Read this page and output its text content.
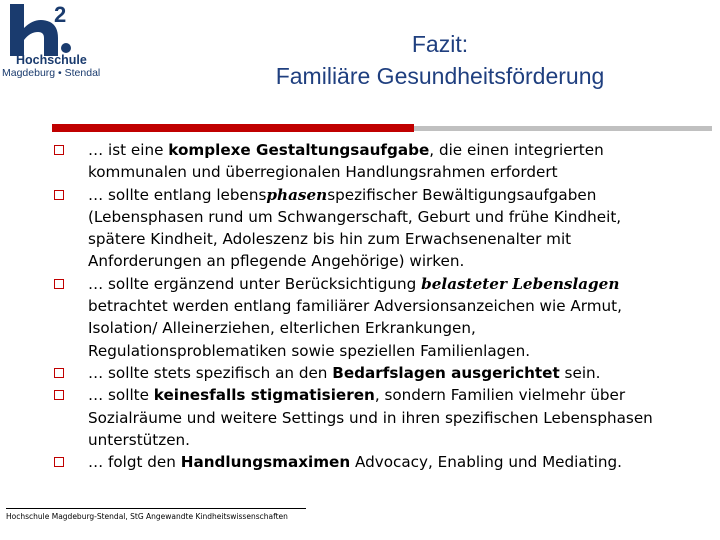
2
Hochschule
Magdeburg • Stendal
Fazit:
Familiäre Gesundheitsförderung
… ist eine komplexe Gestaltungsaufgabe, die einen integrierten kommunalen und überregionalen Handlungsrahmen erfordert
… sollte entlang lebensphasenspezifischer Bewältigungsaufgaben (Lebensphasen rund um Schwangerschaft, Geburt und frühe Kindheit, spätere Kindheit, Adoleszenz bis hin zum Erwachsenenalter mit Anforderungen an pflegende Angehörige) wirken.
… sollte ergänzend unter Berücksichtigung belasteter Lebenslagen betrachtet werden entlang familiärer Adversionsanzeichen wie Armut, Isolation/ Alleinerziehen, elterlichen Erkrankungen, Regulationsproblematiken sowie speziellen Familienlagen.
… sollte stets spezifisch an den Bedarfslagen ausgerichtet sein.
… sollte keinesfalls stigmatisieren, sondern Familien vielmehr über Sozialräume und weitere Settings und in ihren spezifischen Lebensphasen unterstützen.
… folgt den Handlungsmaximen Advocacy, Enabling und Mediating.
Hochschule Magdeburg-Stendal, StG Angewandte Kindheitswissenschaften
